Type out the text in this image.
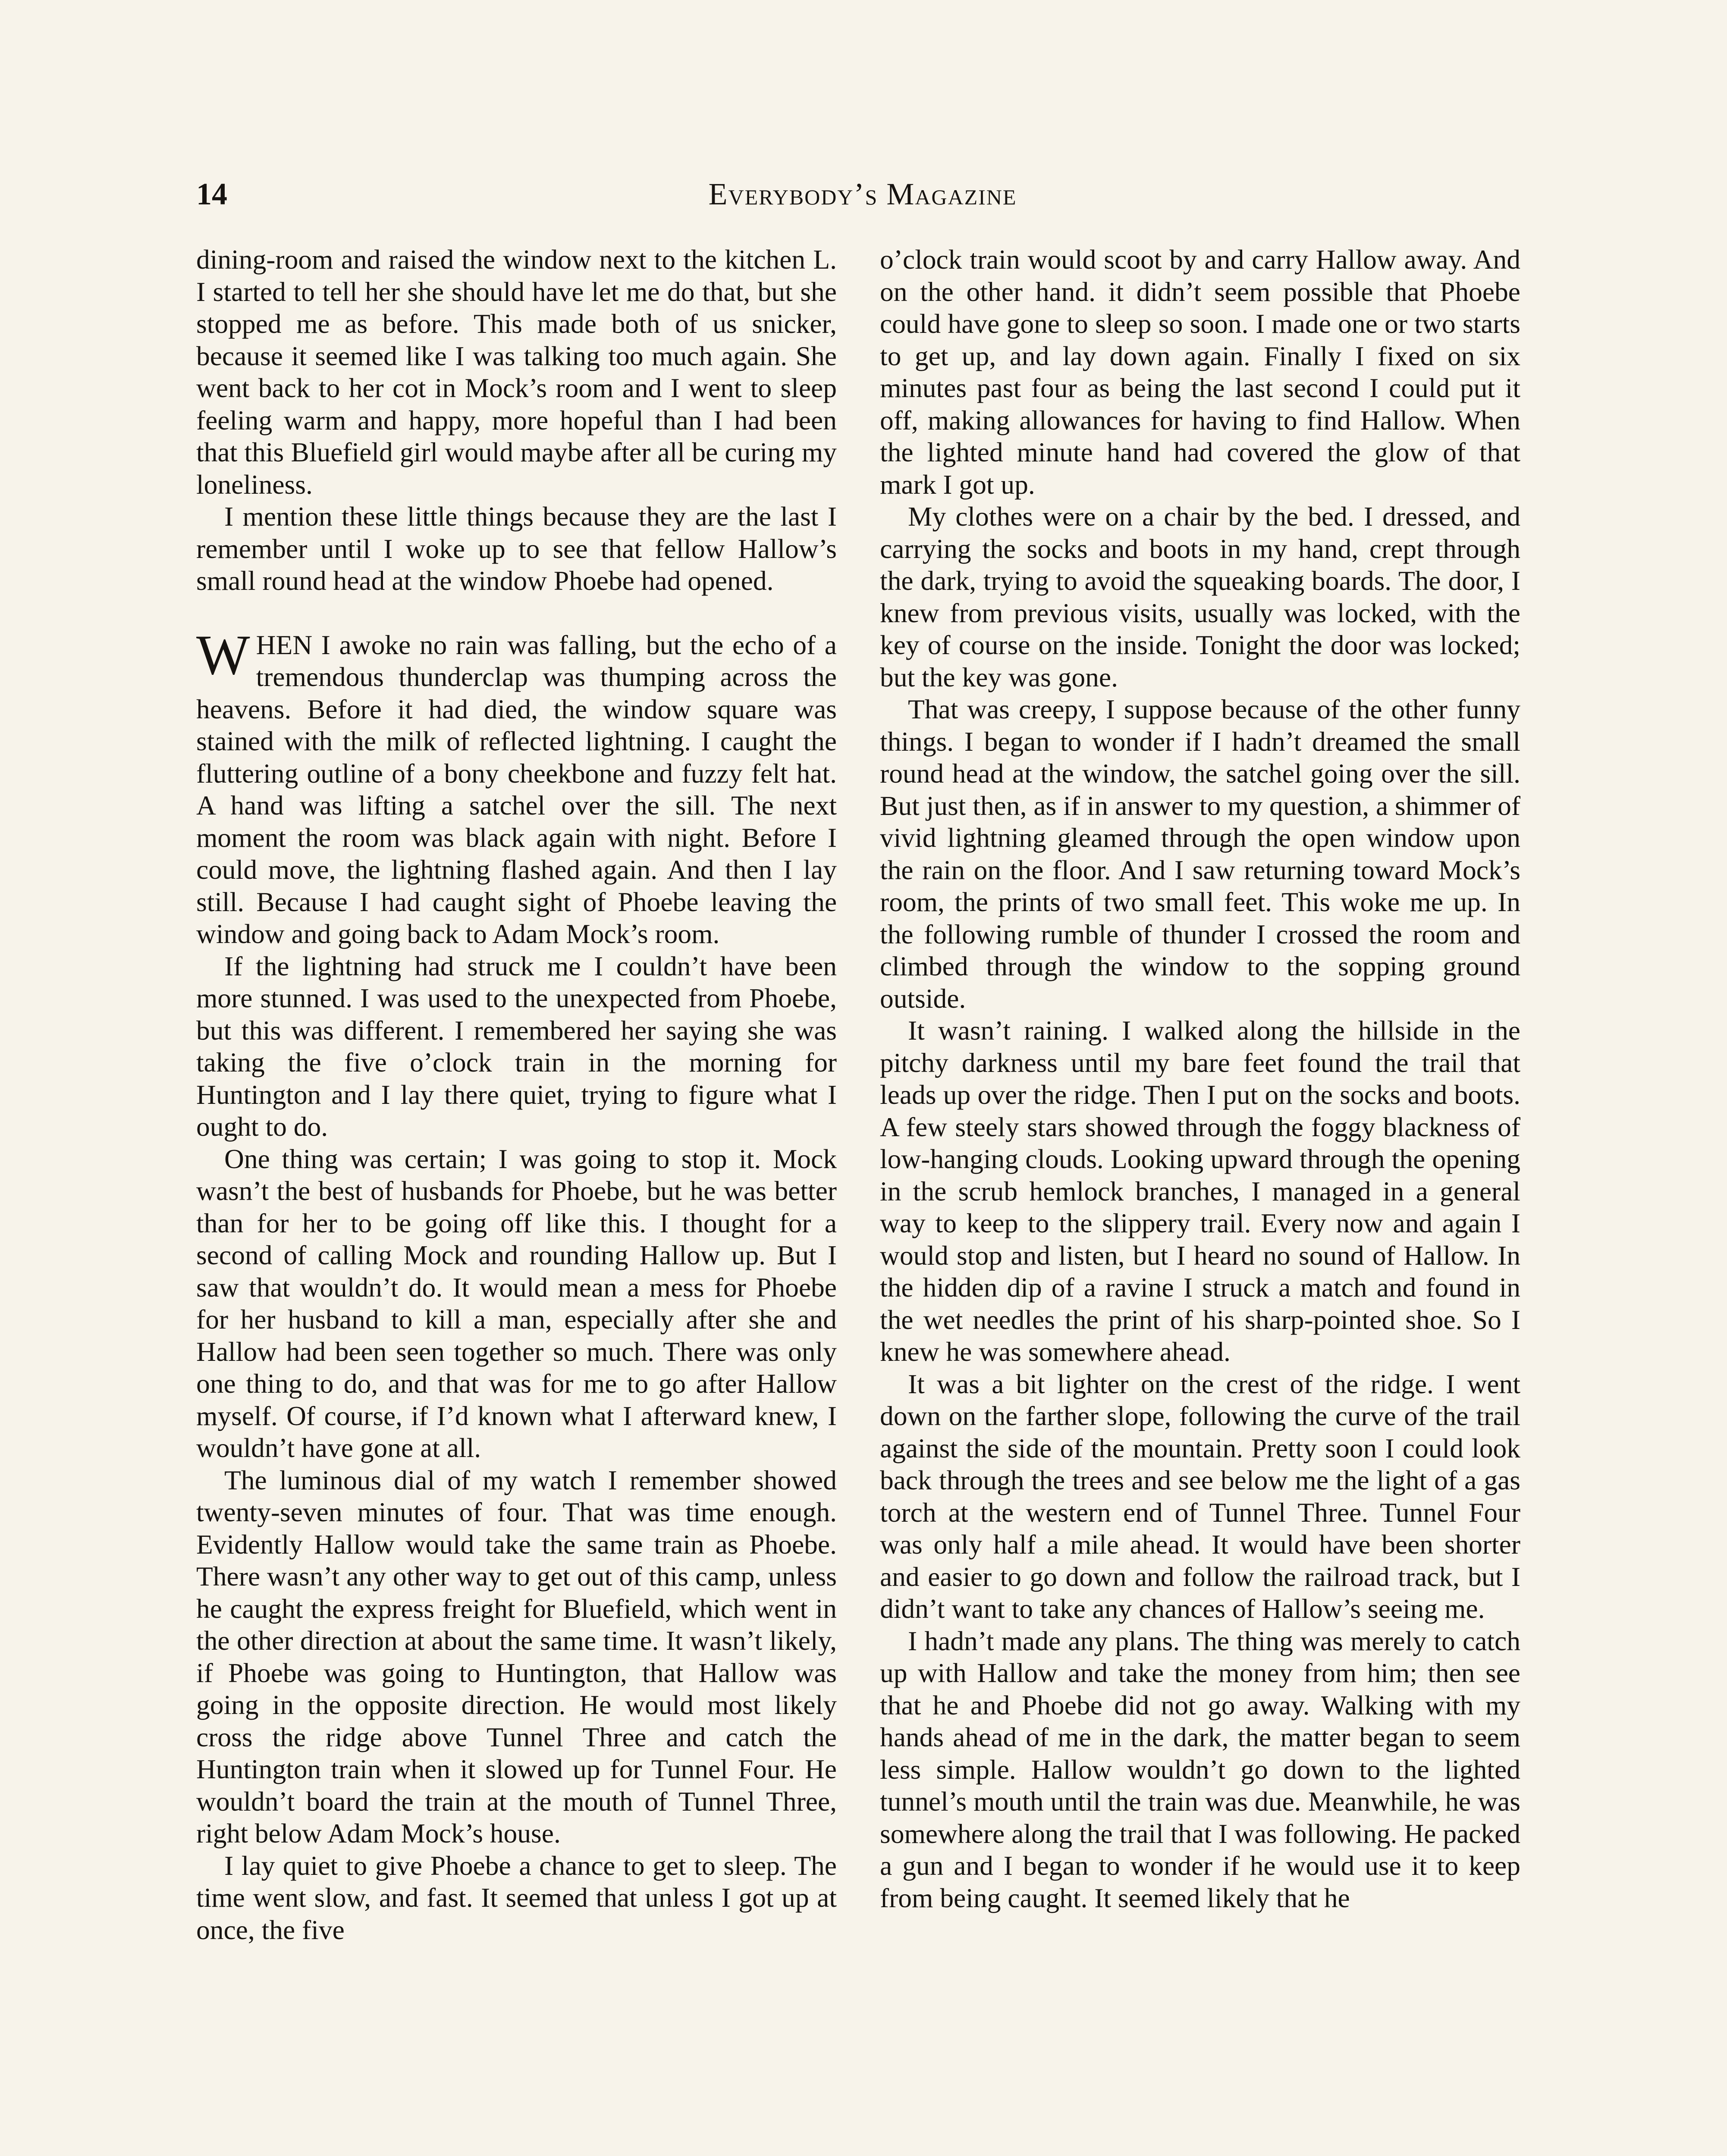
14	Everybody’s Magazine

dining-room and raised the window next to the kitchen L. I started to tell her she should have let me do that, but she stopped me as before. This made both of us snicker, because it seemed like I was talking too much again. She went back to her cot in Mock’s room and I went to sleep feeling warm and happy, more hopeful than I had been that this Bluefield girl would maybe after all be curing my loneliness.

I mention these little things because they are the last I remember until I woke up to see that fellow Hallow’s small round head at the window Phoebe had opened.

WHEN I awoke no rain was falling, but the echo of a tremendous thunderclap was thumping across the heavens. Before it had died, the window square was stained with the milk of reflected lightning. I caught the fluttering outline of a bony cheekbone and fuzzy felt hat. A hand was lifting a satchel over the sill. The next moment the room was black again with night. Before I could move, the lightning flashed again. And then I lay still. Because I had caught sight of Phoebe leaving the window and going back to Adam Mock’s room.

If the lightning had struck me I couldn’t have been more stunned. I was used to the unexpected from Phoebe, but this was different. I remembered her saying she was taking the five o’clock train in the morning for Huntington and I lay there quiet, trying to figure what I ought to do.

One thing was certain; I was going to stop it. Mock wasn’t the best of husbands for Phoebe, but he was better than for her to be going off like this. I thought for a second of calling Mock and rounding Hallow up. But I saw that wouldn’t do. It would mean a mess for Phoebe for her husband to kill a man, especially after she and Hallow had been seen together so much. There was only one thing to do, and that was for me to go after Hallow myself. Of course, if I’d known what I afterward knew, I wouldn’t have gone at all.

The luminous dial of my watch I remember showed twenty-seven minutes of four. That was time enough. Evidently Hallow would take the same train as Phoebe. There wasn’t any other way to get out of this camp, unless he caught the express freight for Bluefield, which went in the other direction at about the same time. It wasn’t likely, if Phoebe was going to Huntington, that Hallow was going in the opposite direction. He would most likely cross the ridge above Tunnel Three and catch the Huntington train when it slowed up for Tunnel Four. He wouldn’t board the train at the mouth of Tunnel Three, right below Adam Mock’s house.

I lay quiet to give Phoebe a chance to get to sleep. The time went slow, and fast. It seemed that unless I got up at once, the five

o’clock train would scoot by and carry Hallow away. And on the other hand. it didn’t seem possible that Phoebe could have gone to sleep so soon. I made one or two starts to get up, and lay down again. Finally I fixed on six minutes past four as being the last second I could put it off, making allowances for having to find Hallow. When the lighted minute hand had covered the glow of that mark I got up.

My clothes were on a chair by the bed. I dressed, and carrying the socks and boots in my hand, crept through the dark, trying to avoid the squeaking boards. The door, I knew from previous visits, usually was locked, with the key of course on the inside. Tonight the door was locked; but the key was gone.

That was creepy, I suppose because of the other funny things. I began to wonder if I hadn’t dreamed the small round head at the window, the satchel going over the sill. But just then, as if in answer to my question, a shimmer of vivid lightning gleamed through the open window upon the rain on the floor. And I saw returning toward Mock’s room, the prints of two small feet. This woke me up. In the following rumble of thunder I crossed the room and climbed through the window to the sopping ground outside.

It wasn’t raining. I walked along the hillside in the pitchy darkness until my bare feet found the trail that leads up over the ridge. Then I put on the socks and boots. A few steely stars showed through the foggy blackness of low-hanging clouds. Looking upward through the opening in the scrub hemlock branches, I managed in a general way to keep to the slippery trail. Every now and again I would stop and listen, but I heard no sound of Hallow. In the hidden dip of a ravine I struck a match and found in the wet needles the print of his sharp-pointed shoe. So I knew he was somewhere ahead.

It was a bit lighter on the crest of the ridge. I went down on the farther slope, following the curve of the trail against the side of the mountain. Pretty soon I could look back through the trees and see below me the light of a gas torch at the western end of Tunnel Three. Tunnel Four was only half a mile ahead. It would have been shorter and easier to go down and follow the railroad track, but I didn’t want to take any chances of Hallow’s seeing me.

I hadn’t made any plans. The thing was merely to catch up with Hallow and take the money from him; then see that he and Phoebe did not go away. Walking with my hands ahead of me in the dark, the matter began to seem less simple. Hallow wouldn’t go down to the lighted tunnel’s mouth until the train was due. Meanwhile, he was somewhere along the trail that I was following. He packed a gun and I began to wonder if he would use it to keep from being caught. It seemed likely that he
